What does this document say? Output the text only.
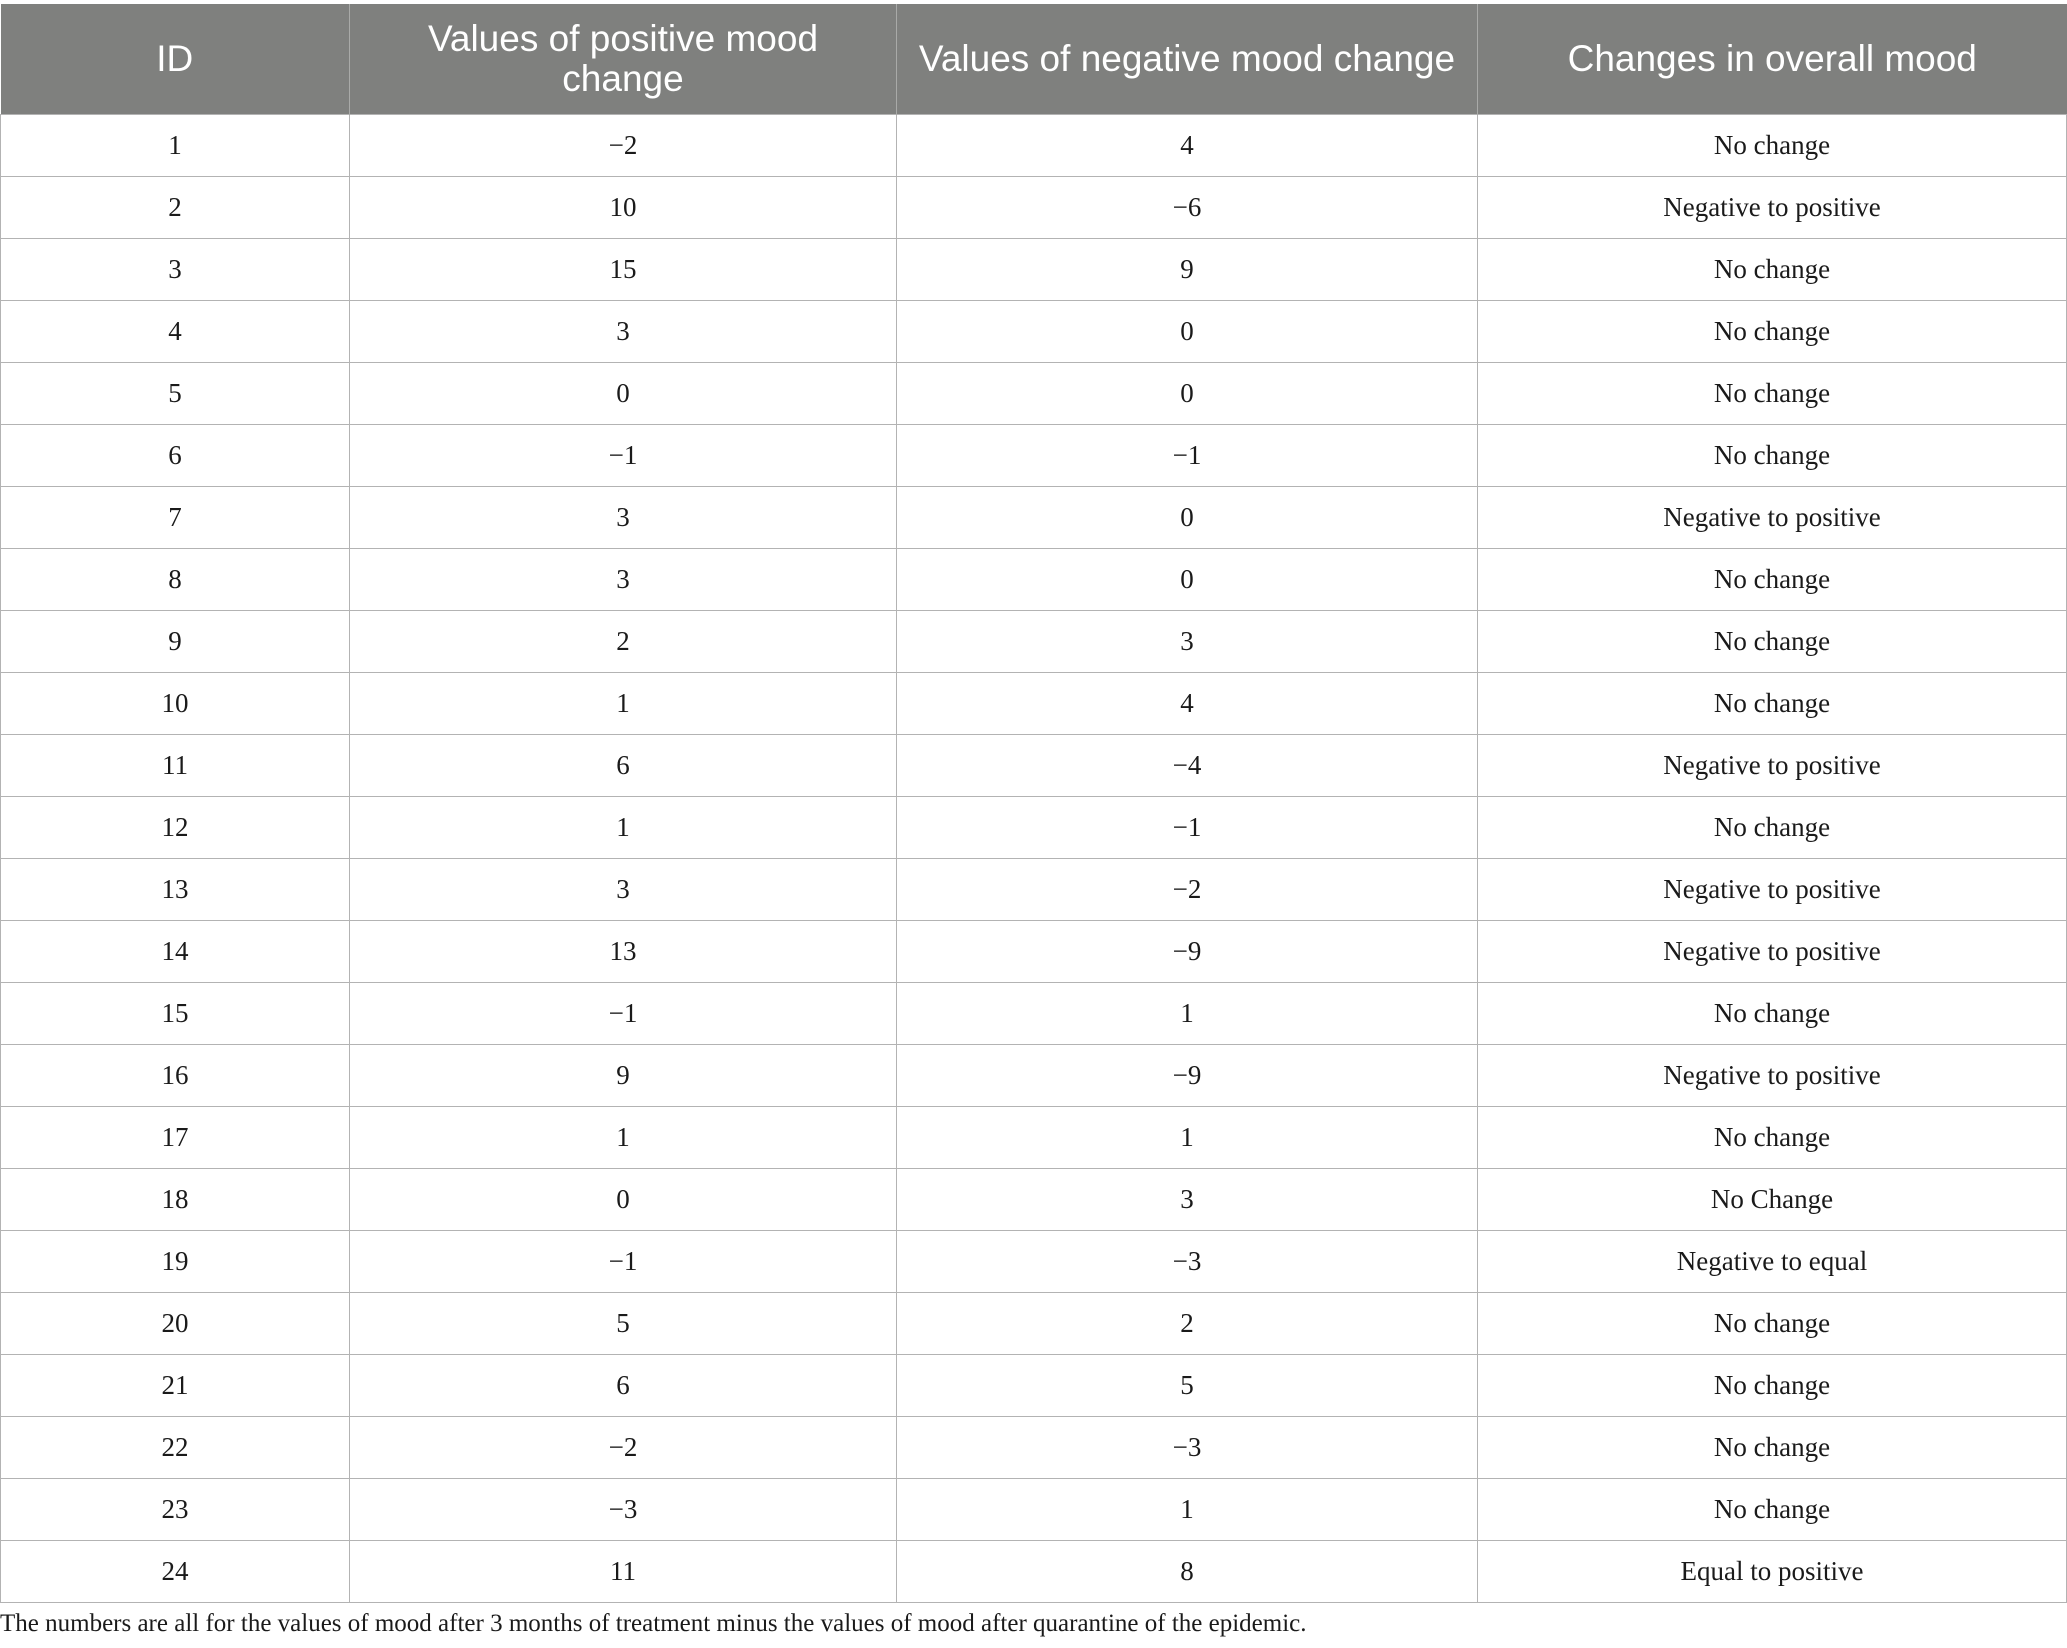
ID	Values of positive mood change	Values of negative mood change	Changes in overall mood
1	−2	4	No change
2	10	−6	Negative to positive
3	15	9	No change
4	3	0	No change
5	0	0	No change
6	−1	−1	No change
7	3	0	Negative to positive
8	3	0	No change
9	2	3	No change
10	1	4	No change
11	6	−4	Negative to positive
12	1	−1	No change
13	3	−2	Negative to positive
14	13	−9	Negative to positive
15	−1	1	No change
16	9	−9	Negative to positive
17	1	1	No change
18	0	3	No Change
19	−1	−3	Negative to equal
20	5	2	No change
21	6	5	No change
22	−2	−3	No change
23	−3	1	No change
24	11	8	Equal to positive
The numbers are all for the values of mood after 3 months of treatment minus the values of mood after quarantine of the epidemic.
